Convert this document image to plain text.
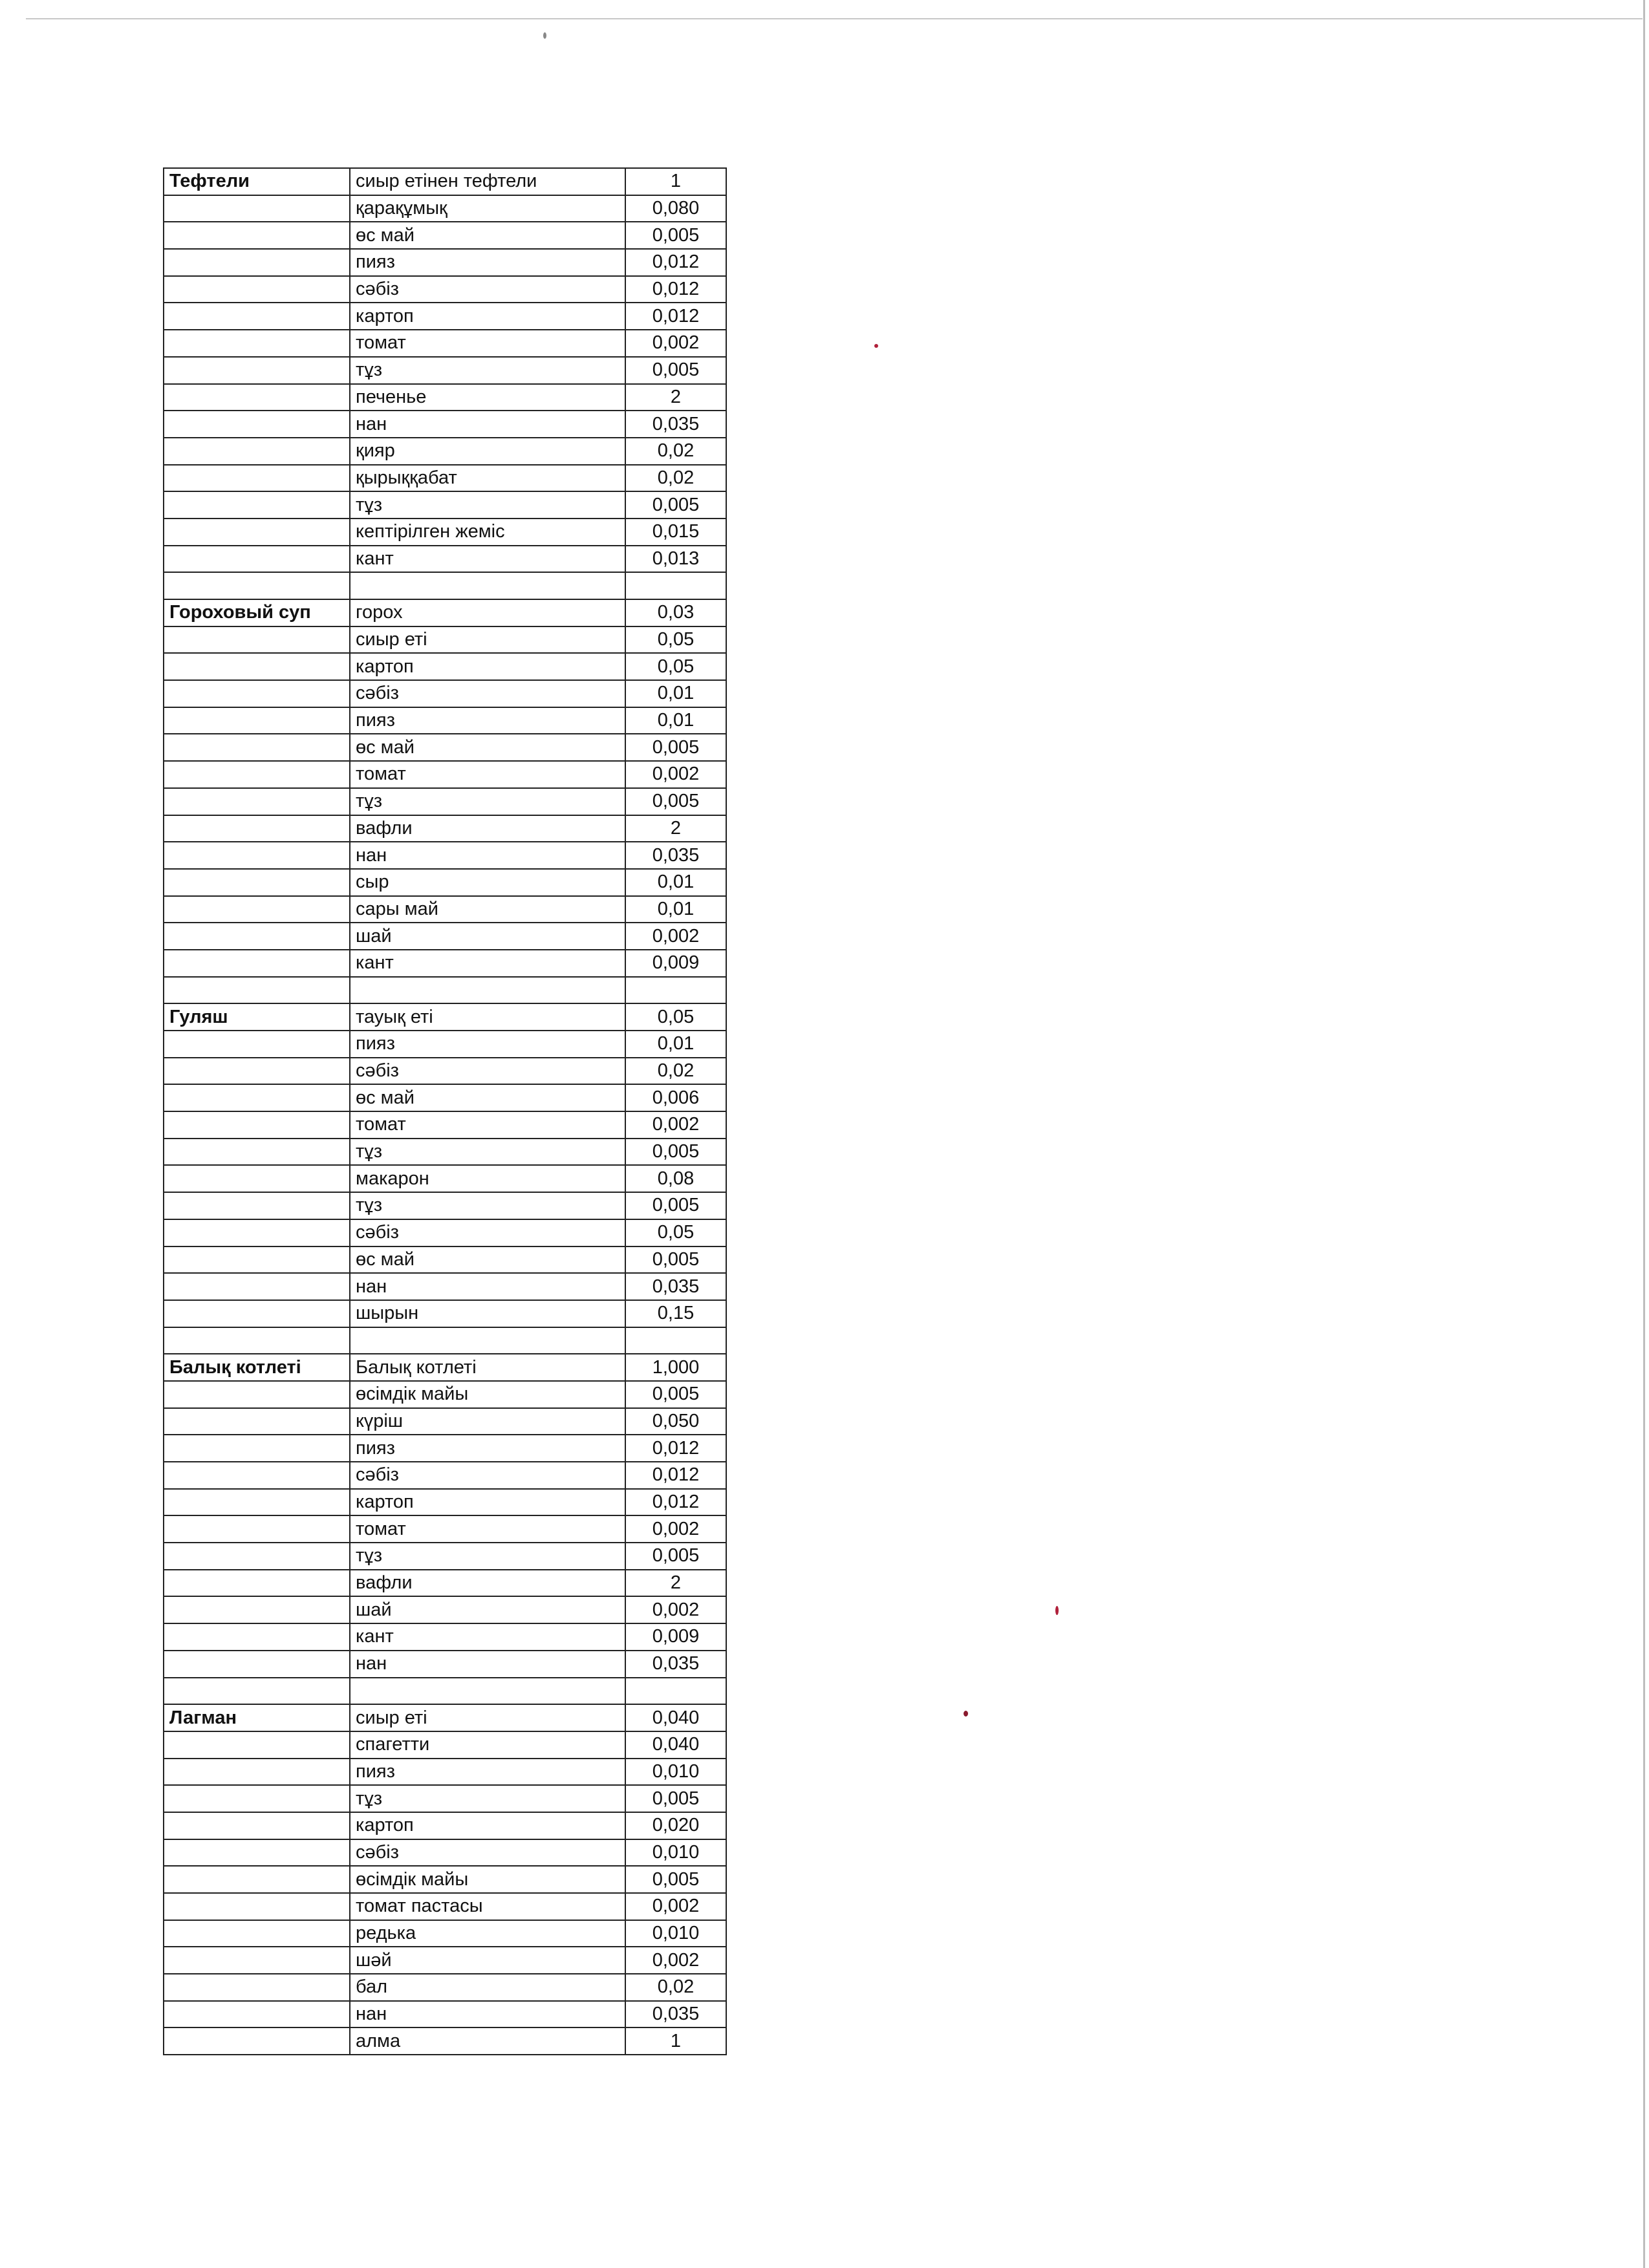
Тефтели	сиыр етінен тефтели	1
	қарақұмық	0,080
	өс май	0,005
	пияз	0,012
	сәбіз	0,012
	картоп	0,012
	томат	0,002
	тұз	0,005
	печенье	2
	нан	0,035
	қияр	0,02
	қырыққабат	0,02
	тұз	0,005
	кептірілген жеміс	0,015
	кант	0,013

Гороховый суп	горох	0,03
	сиыр еті	0,05
	картоп	0,05
	сәбіз	0,01
	пияз	0,01
	өс май	0,005
	томат	0,002
	тұз	0,005
	вафли	2
	нан	0,035
	сыр	0,01
	сары май	0,01
	шай	0,002
	кант	0,009

Гуляш	тауық еті	0,05
	пияз	0,01
	сәбіз	0,02
	өс май	0,006
	томат	0,002
	тұз	0,005
	макарон	0,08
	тұз	0,005
	сәбіз	0,05
	өс май	0,005
	нан	0,035
	шырын	0,15

Балық котлеті	Балық котлеті	1,000
	өсімдік майы	0,005
	күріш	0,050
	пияз	0,012
	сәбіз	0,012
	картоп	0,012
	томат	0,002
	тұз	0,005
	вафли	2
	шай	0,002
	кант	0,009
	нан	0,035

Лагман	сиыр еті	0,040
	спагетти	0,040
	пияз	0,010
	тұз	0,005
	картоп	0,020
	сәбіз	0,010
	өсімдік майы	0,005
	томат пастасы	0,002
	редька	0,010
	шәй	0,002
	бал	0,02
	нан	0,035
	алма	1
